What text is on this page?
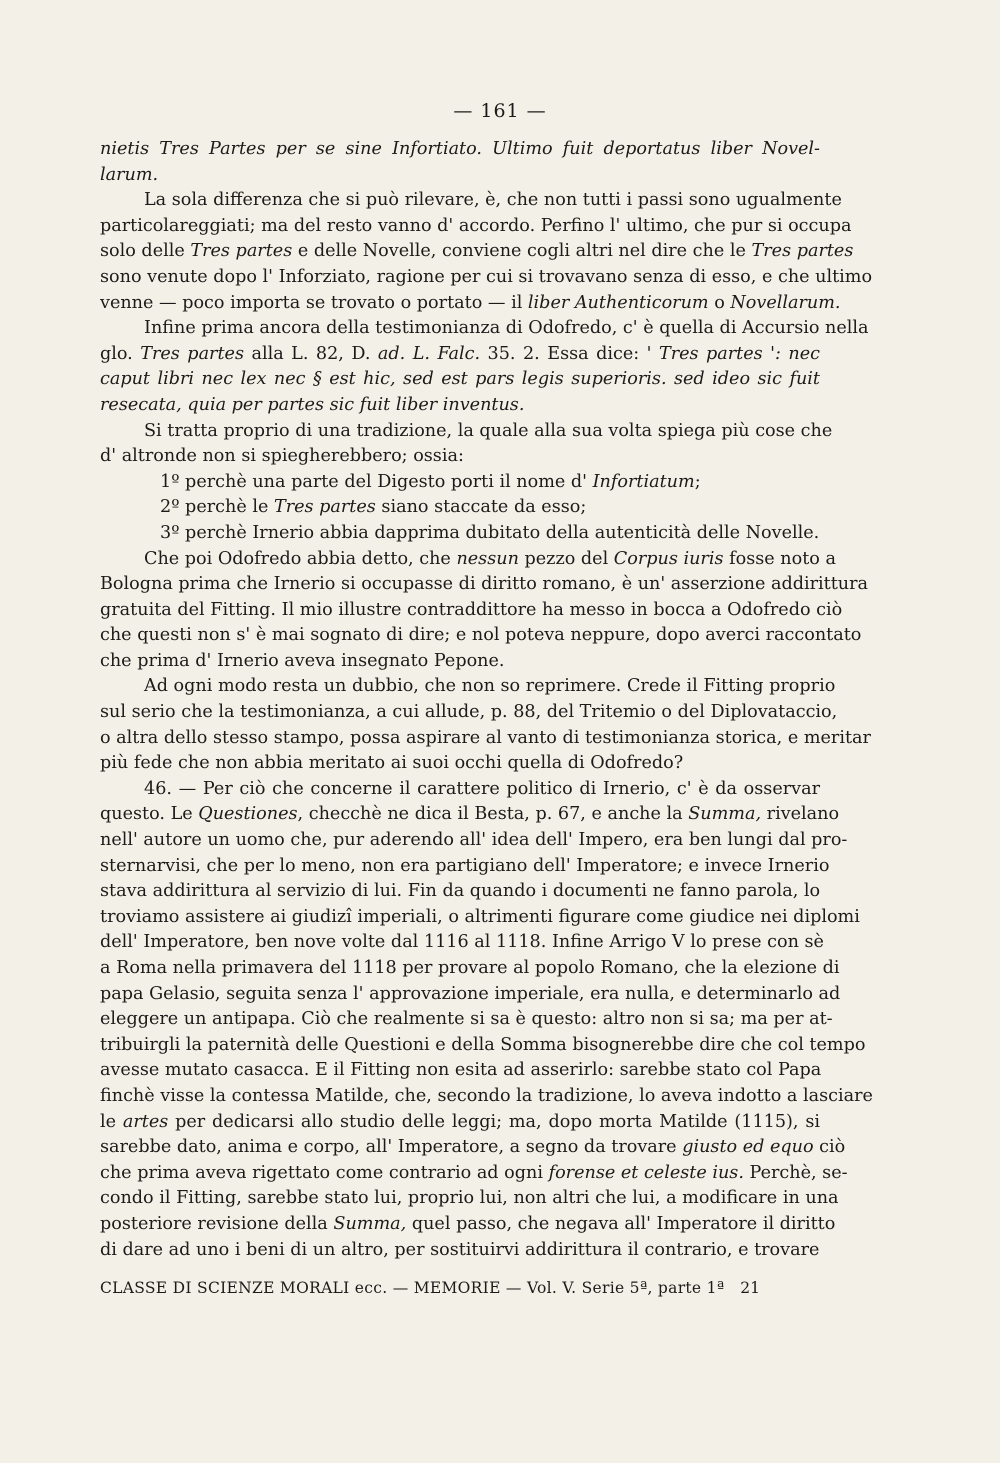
— 161 —
nietis Tres Partes per se sine Infortiato. Ultimo fuit deportatus liber Novel-
larum.
La sola differenza che si può rilevare, è, che non tutti i passi sono ugualmente
particolareggiati; ma del resto vanno d' accordo. Perfino l' ultimo, che pur si occupa
solo delle Tres partes e delle Novelle, conviene cogli altri nel dire che le Tres partes
sono venute dopo l' Inforziato, ragione per cui si trovavano senza di esso, e che ultimo
venne — poco importa se trovato o portato — il liber Authenticorum o Novellarum.
Infine prima ancora della testimonianza di Odofredo, c' è quella di Accursio nella
glo. Tres partes alla L. 82, D. ad. L. Falc. 35. 2. Essa dice: ' Tres partes ': nec
caput libri nec lex nec § est hic, sed est pars legis superioris. sed ideo sic fuit
resecata, quia per partes sic fuit liber inventus.
Si tratta proprio di una tradizione, la quale alla sua volta spiega più cose che
d' altronde non si spiegherebbero; ossia:
1º perchè una parte del Digesto porti il nome d' Infortiatum;
2º perchè le Tres partes siano staccate da esso;
3º perchè Irnerio abbia dapprima dubitato della autenticità delle Novelle.
Che poi Odofredo abbia detto, che nessun pezzo del Corpus iuris fosse noto a
Bologna prima che Irnerio si occupasse di diritto romano, è un' asserzione addirittura
gratuita del Fitting. Il mio illustre contraddittore ha messo in bocca a Odofredo ciò
che questi non s' è mai sognato di dire; e nol poteva neppure, dopo averci raccontato
che prima d' Irnerio aveva insegnato Pepone.
Ad ogni modo resta un dubbio, che non so reprimere. Crede il Fitting proprio
sul serio che la testimonianza, a cui allude, p. 88, del Tritemio o del Diplovataccio,
o altra dello stesso stampo, possa aspirare al vanto di testimonianza storica, e meritar
più fede che non abbia meritato ai suoi occhi quella di Odofredo?
46. — Per ciò che concerne il carattere politico di Irnerio, c' è da osservar
questo. Le Questiones, checchè ne dica il Besta, p. 67, e anche la Summa, rivelano
nell' autore un uomo che, pur aderendo all' idea dell' Impero, era ben lungi dal pro-
sternarvisi, che per lo meno, non era partigiano dell' Imperatore; e invece Irnerio
stava addirittura al servizio di lui. Fin da quando i documenti ne fanno parola, lo
troviamo assistere ai giudizî imperiali, o altrimenti figurare come giudice nei diplomi
dell' Imperatore, ben nove volte dal 1116 al 1118. Infine Arrigo V lo prese con sè
a Roma nella primavera del 1118 per provare al popolo Romano, che la elezione di
papa Gelasio, seguita senza l' approvazione imperiale, era nulla, e determinarlo ad
eleggere un antipapa. Ciò che realmente si sa è questo: altro non si sa; ma per at-
tribuirgli la paternità delle Questioni e della Somma bisognerebbe dire che col tempo
avesse mutato casacca. E il Fitting non esita ad asserirlo: sarebbe stato col Papa
finchè visse la contessa Matilde, che, secondo la tradizione, lo aveva indotto a lasciare
le artes per dedicarsi allo studio delle leggi; ma, dopo morta Matilde (1115), si
sarebbe dato, anima e corpo, all' Imperatore, a segno da trovare giusto ed equo ciò
che prima aveva rigettato come contrario ad ogni forense et celeste ius. Perchè, se-
condo il Fitting, sarebbe stato lui, proprio lui, non altri che lui, a modificare in una
posteriore revisione della Summa, quel passo, che negava all' Imperatore il diritto
di dare ad uno i beni di un altro, per sostituirvi addirittura il contrario, e trovare
CLASSE DI SCIENZE MORALI ecc. — MEMORIE — Vol. V. Serie 5ª, parte 1ª 21
